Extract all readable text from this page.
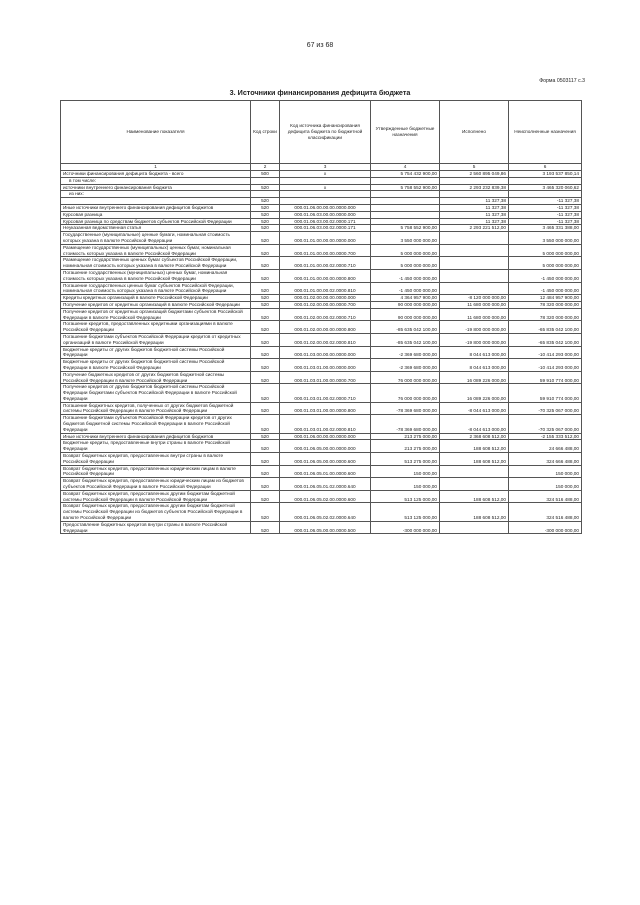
67 из 68
Форма 0503117 с.3
3. Источники финансирования дефицита бюджета
Наименование показателя	Код строки	Код источника финансирования дефицита бюджета по бюджетной классификации	Утвержденные бюджетные назначения	Исполнено	Неисполненные назначения
1	2	3	4	5	6
Источники финансирования дефицита бюджета - всего	500	x	5 754 432 900,00	2 560 895 049,86	3 193 537 850,14
в том числе:					
источники внутреннего финансирования бюджета	520	x	5 758 552 900,00	2 293 232 839,38	3 465 320 060,62
из них:					
	520			11 327,38	-11 327,38
Иные источники внутреннего финансирования дефицитов бюджетов	520	000.01.06.00.00.00.0000.000		11 327,38	-11 327,38
Курсовая разница	520	000.01.06.03.00.00.0000.000		11 327,38	-11 327,38
Курсовая разница по средствам бюджетов субъектов Российской Федерации	520	000.01.06.03.00.02.0000.171		11 327,38	-11 327,38
Неуказанная ведомственная статья	520	000.01.06.03.00.02.0000.171	5 758 552 900,00	2 293 221 512,00	3 465 331 388,00
Государственные (муниципальные) ценные бумаги, номинальная стоимость которых указана в валюте Российской Федерации	520	000.01.01.00.00.00.0000.000	3 550 000 000,00		3 550 000 000,00
Размещение государственных (муниципальных) ценных бумаг, номинальная стоимость которых указана в валюте Российской Федерации	520	000.01.01.00.00.00.0000.700	5 000 000 000,00		5 000 000 000,00
Размещение государственных ценных бумаг субъектов Российской Федерации, номинальная стоимость которых указана в валюте Российской Федерации	520	000.01.01.00.00.02.0000.710	5 000 000 000,00		5 000 000 000,00
Погашение государственных (муниципальных) ценных бумаг, номинальная стоимость которых указана в валюте Российской Федерации	520	000.01.01.00.00.00.0000.800	-1 450 000 000,00		-1 450 000 000,00
Погашение государственных ценных бумаг субъектов Российской Федерации, номинальная стоимость которых указана в валюте Российской Федерации	520	000.01.01.00.00.02.0000.810	-1 450 000 000,00		-1 450 000 000,00
Кредиты кредитных организаций в валюте Российской Федерации	520	000.01.02.00.00.00.0000.000	4 364 957 900,00	-8 120 000 000,00	12 484 957 900,00
Получение кредитов от кредитных организаций в валюте Российской Федерации	520	000.01.02.00.00.00.0000.700	90 000 000 000,00	11 680 000 000,00	78 320 000 000,00
Получение кредитов от кредитных организаций бюджетами субъектов Российской Федерации в валюте Российской Федерации	520	000.01.02.00.00.02.0000.710	90 000 000 000,00	11 680 000 000,00	78 320 000 000,00
Погашение кредитов, предоставленных кредитными организациями в валюте Российской Федерации	520	000.01.02.00.00.00.0000.800	-85 635 042 100,00	-19 800 000 000,00	-65 835 042 100,00
Погашение бюджетами субъектов Российской Федерации кредитов от кредитных организаций в валюте Российской Федерации	520	000.01.02.00.00.02.0000.810	-85 635 042 100,00	-19 800 000 000,00	-65 835 042 100,00
Бюджетные кредиты от других бюджетов бюджетной системы Российской Федерации	520	000.01.03.00.00.00.0000.000	-2 369 680 000,00	8 044 613 000,00	-10 414 293 000,00
Бюджетные кредиты от других бюджетов бюджетной системы Российской Федерации в валюте Российской Федерации	520	000.01.03.01.00.00.0000.000	-2 369 680 000,00	8 044 613 000,00	-10 414 293 000,00
Получение бюджетных кредитов от других бюджетов бюджетной системы Российской Федерации в валюте Российской Федерации	520	000.01.03.01.00.00.0000.700	76 000 000 000,00	16 089 226 000,00	59 910 774 000,00
Получение кредитов от других бюджетов бюджетной системы Российской Федерации бюджетами субъектов Российской Федерации в валюте Российской Федерации	520	000.01.03.01.00.02.0000.710	76 000 000 000,00	16 089 226 000,00	59 910 774 000,00
Погашение бюджетных кредитов, полученных от других бюджетов бюджетной системы Российской Федерации в валюте Российской Федерации	520	000.01.03.01.00.00.0000.800	-78 369 680 000,00	-8 044 613 000,00	-70 325 067 000,00
Погашение бюджетами субъектов Российской Федерации кредитов от других бюджетов бюджетной системы Российской Федерации в валюте Российской Федерации	520	000.01.03.01.00.02.0000.810	-78 369 680 000,00	-8 044 613 000,00	-70 325 067 000,00
Иные источники внутреннего финансирования дефицитов бюджетов	520	000.01.06.00.00.00.0000.000	213 275 000,00	2 368 608 512,00	-2 155 333 512,00
Бюджетные кредиты, предоставленные внутри страны в валюте Российской Федерации	520	000.01.06.05.00.00.0000.000	213 275 000,00	188 608 512,00	24 666 488,00
Возврат бюджетных кредитов, предоставленных внутри страны в валюте Российской Федерации	520	000.01.06.05.00.00.0000.600	513 275 000,00	188 608 512,00	324 666 488,00
Возврат бюджетных кредитов, предоставленных юридическим лицам в валюте Российской Федерации	520	000.01.06.05.01.00.0000.600	150 000,00		150 000,00
Возврат бюджетных кредитов, предоставленных юридическим лицам из бюджетов субъектов Российской Федерации в валюте Российской Федерации	520	000.01.06.05.01.02.0000.640	150 000,00		150 000,00
Возврат бюджетных кредитов, предоставленных другим бюджетам бюджетной системы Российской Федерации в валюте Российской Федерации	520	000.01.06.05.02.00.0000.600	513 125 000,00	188 608 512,00	324 516 488,00
Возврат бюджетных кредитов, предоставленных другим бюджетам бюджетной системы Российской Федерации из бюджетов субъектов Российской Федерации в валюте Российской Федерации	520	000.01.06.05.02.02.0000.640	513 125 000,00	188 608 512,00	324 516 488,00
Предоставление бюджетных кредитов внутри страны в валюте Российской Федерации	520	000.01.06.05.00.00.0000.500	-300 000 000,00		-300 000 000,00
